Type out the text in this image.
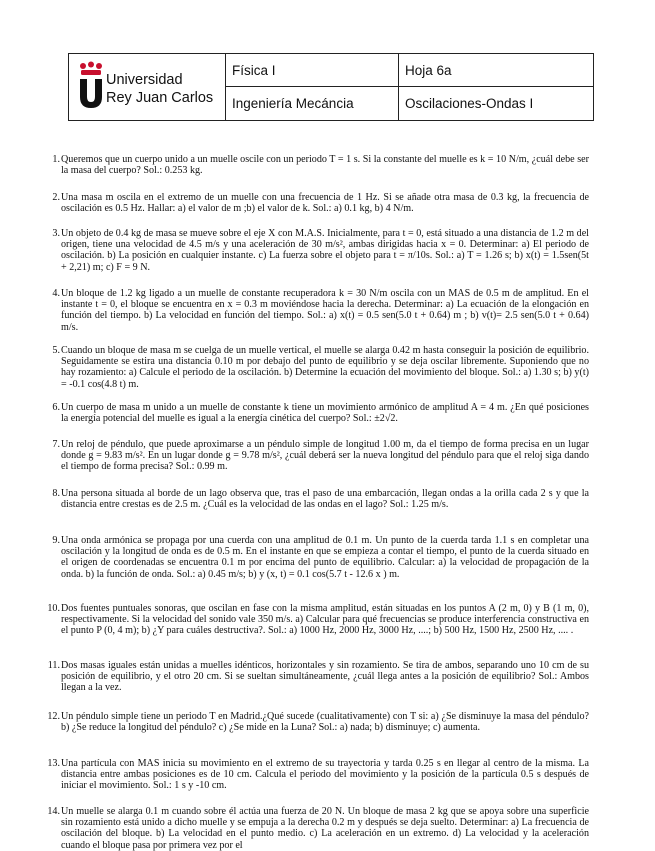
Universidad
Rey Juan Carlos
Física I
Ingeniería Mecáncia
Hoja 6a
Oscilaciones-Ondas I
1. Queremos que un cuerpo unido a un muelle oscile con un periodo T = 1 s. Si la constante del muelle es k = 10 N/m, ¿cuál debe ser la masa del cuerpo? Sol.: 0.253 kg.
2. Una masa m oscila en el extremo de un muelle con una frecuencia de 1 Hz. Si se añade otra masa de 0.3 kg, la frecuencia de oscilación es 0.5 Hz. Hallar: a) el valor de m ;b) el valor de k. Sol.: a) 0.1 kg, b) 4 N/m.
3. Un objeto de 0.4 kg de masa se mueve sobre el eje X con M.A.S. Inicialmente, para t = 0, está situado a una distancia de 1.2 m del origen, tiene una velocidad de 4.5 m/s y una aceleración de 30 m/s², ambas dirigidas hacia x = 0. Determinar: a) El periodo de oscilación. b) La posición en cualquier instante. c) La fuerza sobre el objeto para t = π/10s. Sol.: a) T = 1.26 s; b) x(t) = 1.5sen(5t + 2,21) m; c) F = 9 N.
4. Un bloque de 1.2 kg ligado a un muelle de constante recuperadora k = 30 N/m oscila con un MAS de 0.5 m de amplitud. En el instante t = 0, el bloque se encuentra en x = 0.3 m moviéndose hacia la derecha. Determinar: a) La ecuación de la elongación en función del tiempo. b) La velocidad en función del tiempo. Sol.: a) x(t) = 0.5 sen(5.0 t + 0.64) m ; b) v(t)= 2.5 sen(5.0 t + 0.64) m/s.
5. Cuando un bloque de masa m se cuelga de un muelle vertical, el muelle se alarga 0.42 m hasta conseguir la posición de equilibrio. Seguidamente se estira una distancia 0.10 m por debajo del punto de equilibrio y se deja oscilar libremente. Suponiendo que no hay rozamiento: a) Calcule el periodo de la oscilación. b) Determine la ecuación del movimiento del bloque. Sol.: a) 1.30 s; b) y(t) = -0.1 cos(4.8 t) m.
6. Un cuerpo de masa m unido a un muelle de constante k tiene un movimiento armónico de amplitud A = 4 m. ¿En qué posiciones la energía potencial del muelle es igual a la energía cinética del cuerpo? Sol.: ±2√2.
7. Un reloj de péndulo, que puede aproximarse a un péndulo simple de longitud 1.00 m, da el tiempo de forma precisa en un lugar donde g = 9.83 m/s². En un lugar donde g = 9.78 m/s², ¿cuál deberá ser la nueva longitud del péndulo para que el reloj siga dando el tiempo de forma precisa? Sol.: 0.99 m.
8. Una persona situada al borde de un lago observa que, tras el paso de una embarcación, llegan ondas a la orilla cada 2 s y que la distancia entre crestas es de 2.5 m. ¿Cuál es la velocidad de las ondas en el lago? Sol.: 1.25 m/s.
9. Una onda armónica se propaga por una cuerda con una amplitud de 0.1 m. Un punto de la cuerda tarda 1.1 s en completar una oscilación y la longitud de onda es de 0.5 m. En el instante en que se empieza a contar el tiempo, el punto de la cuerda situado en el origen de coordenadas se encuentra 0.1 m por encima del punto de equilibrio. Calcular: a) la velocidad de propagación de la onda. b) la función de onda. Sol.: a) 0.45 m/s; b) y (x, t) = 0.1 cos(5.7 t - 12.6 x ) m.
10. Dos fuentes puntuales sonoras, que oscilan en fase con la misma amplitud, están situadas en los puntos A (2 m, 0) y B (1 m, 0), respectivamente. Si la velocidad del sonido vale 350 m/s. a) Calcular para qué frecuencias se produce interferencia constructiva en el punto P (0, 4 m); b) ¿Y para cuáles destructiva?. Sol.: a) 1000 Hz, 2000 Hz, 3000 Hz, ....; b) 500 Hz, 1500 Hz, 2500 Hz, .... .
11. Dos masas iguales están unidas a muelles idénticos, horizontales y sin rozamiento. Se tira de ambos, separando uno 10 cm de su posición de equilibrio, y el otro 20 cm. Si se sueltan simultáneamente, ¿cuál llega antes a la posición de equilibrio? Sol.: Ambos llegan a la vez.
12. Un péndulo simple tiene un periodo T en Madrid.¿Qué sucede (cualitativamente) con T si: a) ¿Se disminuye la masa del péndulo? b) ¿Se reduce la longitud del péndulo? c) ¿Se mide en la Luna? Sol.: a) nada; b) disminuye; c) aumenta.
13. Una partícula con MAS inicia su movimiento en el extremo de su trayectoria y tarda 0.25 s en llegar al centro de la misma. La distancia entre ambas posiciones es de 10 cm. Calcula el periodo del movimiento y la posición de la partícula 0.5 s después de iniciar el movimiento. Sol.: 1 s y -10 cm.
14. Un muelle se alarga 0.1 m cuando sobre él actúa una fuerza de 20 N. Un bloque de masa 2 kg que se apoya sobre una superficie sin rozamiento está unido a dicho muelle y se empuja a la derecha 0.2 m y después se deja suelto. Determinar: a) La frecuencia de oscilación del bloque. b) La velocidad en el punto medio. c) La aceleración en un extremo. d) La velocidad y la aceleración cuando el bloque pasa por primera vez por el
